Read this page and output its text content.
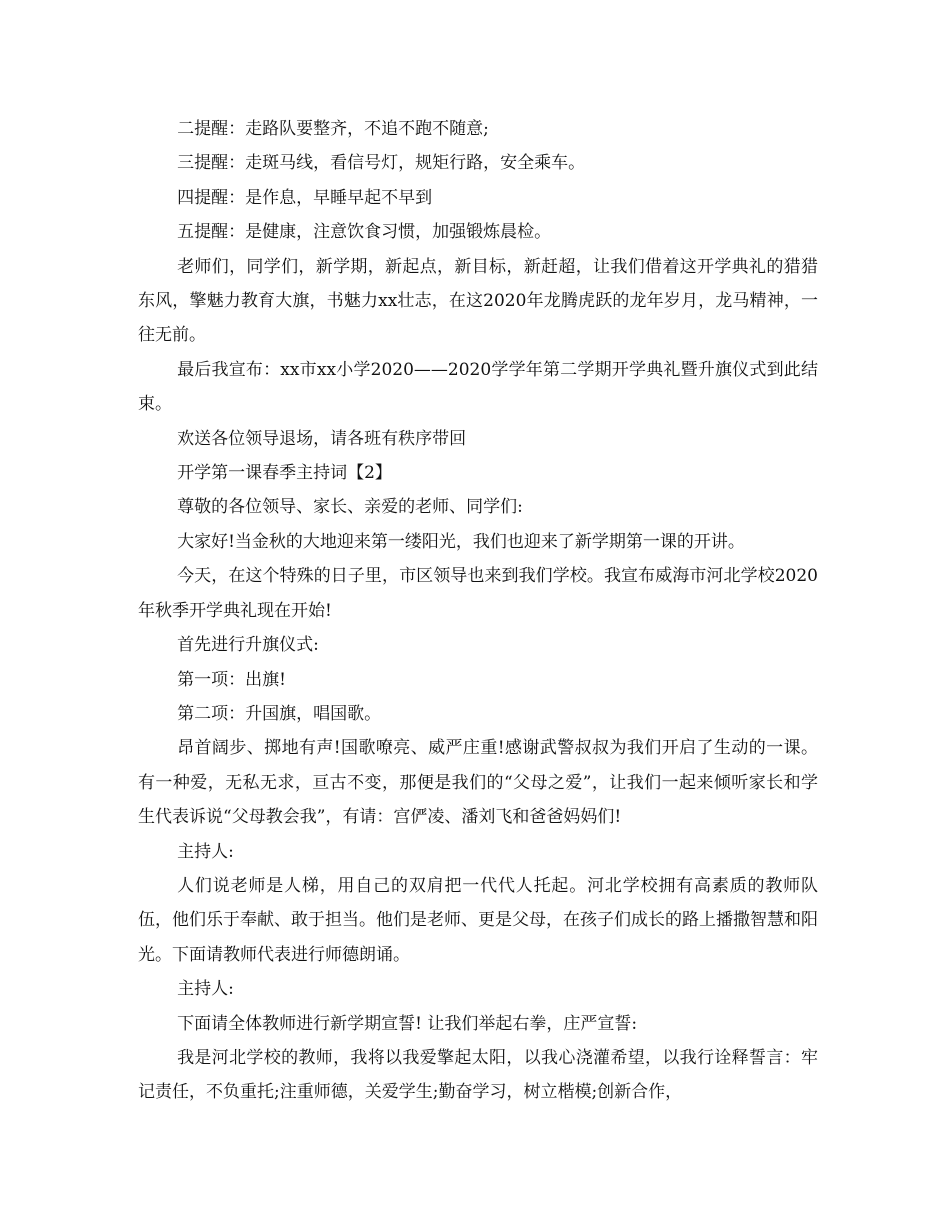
二提醒：走路队要整齐，不追不跑不随意;

三提醒：走斑马线，看信号灯，规矩行路，安全乘车。

四提醒：是作息，早睡早起不早到

五提醒：是健康，注意饮食习惯，加强锻炼晨检。

老师们，同学们，新学期，新起点，新目标，新赶超，让我们借着这开学典礼的猎猎东风，擎魅力教育大旗，书魅力xx壮志，在这2020年龙腾虎跃的龙年岁月，龙马精神，一往无前。

最后我宣布：xx市xx小学2020——2020学学年第二学期开学典礼暨升旗仪式到此结束。

欢送各位领导退场，请各班有秩序带回

开学第一课春季主持词【2】

尊敬的各位领导、家长、亲爱的老师、同学们:

大家好!当金秋的大地迎来第一缕阳光，我们也迎来了新学期第一课的开讲。

今天，在这个特殊的日子里，市区领导也来到我们学校。我宣布威海市河北学校2020年秋季开学典礼现在开始!

首先进行升旗仪式:

第一项：出旗!

第二项：升国旗，唱国歌。

昂首阔步、掷地有声!国歌嘹亮、威严庄重!感谢武警叔叔为我们开启了生动的一课。有一种爱，无私无求，亘古不变，那便是我们的“父母之爱”，让我们一起来倾听家长和学生代表诉说“父母教会我”，有请：宫俨凌、潘刘飞和爸爸妈妈们!

主持人:

人们说老师是人梯，用自己的双肩把一代代人托起。河北学校拥有高素质的教师队伍，他们乐于奉献、敢于担当。他们是老师、更是父母，在孩子们成长的路上播撒智慧和阳光。下面请教师代表进行师德朗诵。

主持人:

下面请全体教师进行新学期宣誓! 让我们举起右拳，庄严宣誓:

我是河北学校的教师，我将以我爱擎起太阳，以我心浇灌希望，以我行诠释誓言：牢记责任，不负重托;注重师德，关爱学生;勤奋学习，树立楷模;创新合作，
